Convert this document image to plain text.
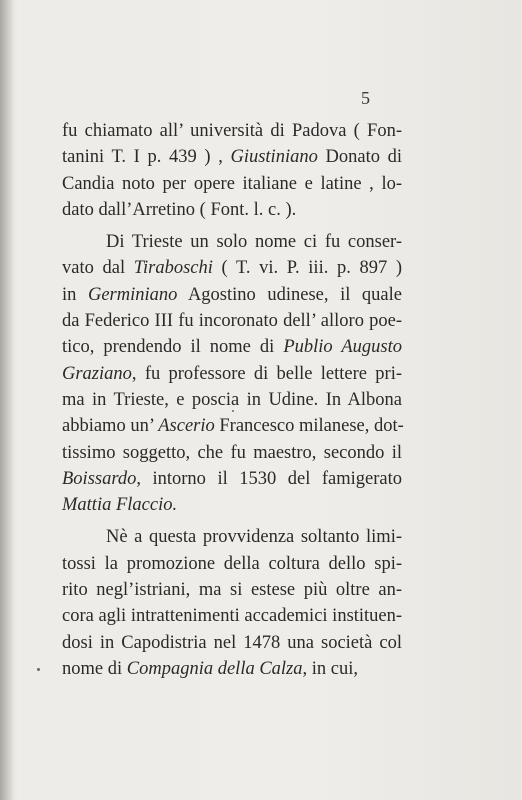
5
fu chiamato all’ università di Padova ( Fon-
tanini T. I p. 439 ) , Giustiniano Donato di
Candia noto per opere italiane e latine , lo-
dato dall’Arretino ( Font. l. c. ).
Di Trieste un solo nome ci fu conser-
vato dal Tiraboschi ( T. vi. P. iii. p. 897 )
in Germiniano Agostino udinese, il quale
da Federico III fu incoronato dell’ alloro poe-
tico, prendendo il nome di Publio Augusto
Graziano, fu professore di belle lettere pri-
ma in Trieste, e poscia in Udine. In Albona
abbiamo un’ Ascerio Francesco milanese, dot-
tissimo soggetto, che fu maestro, secondo il
Boissardo, intorno il 1530 del famigerato
Mattia Flaccio.
Nè a questa provvidenza soltanto limi-
tossi la promozione della coltura dello spi-
rito negl’istriani, ma si estese più oltre an-
cora agli intrattenimenti accademici instituen-
dosi in Capodistria nel 1478 una società col
nome di Compagnia della Calza, in cui,
